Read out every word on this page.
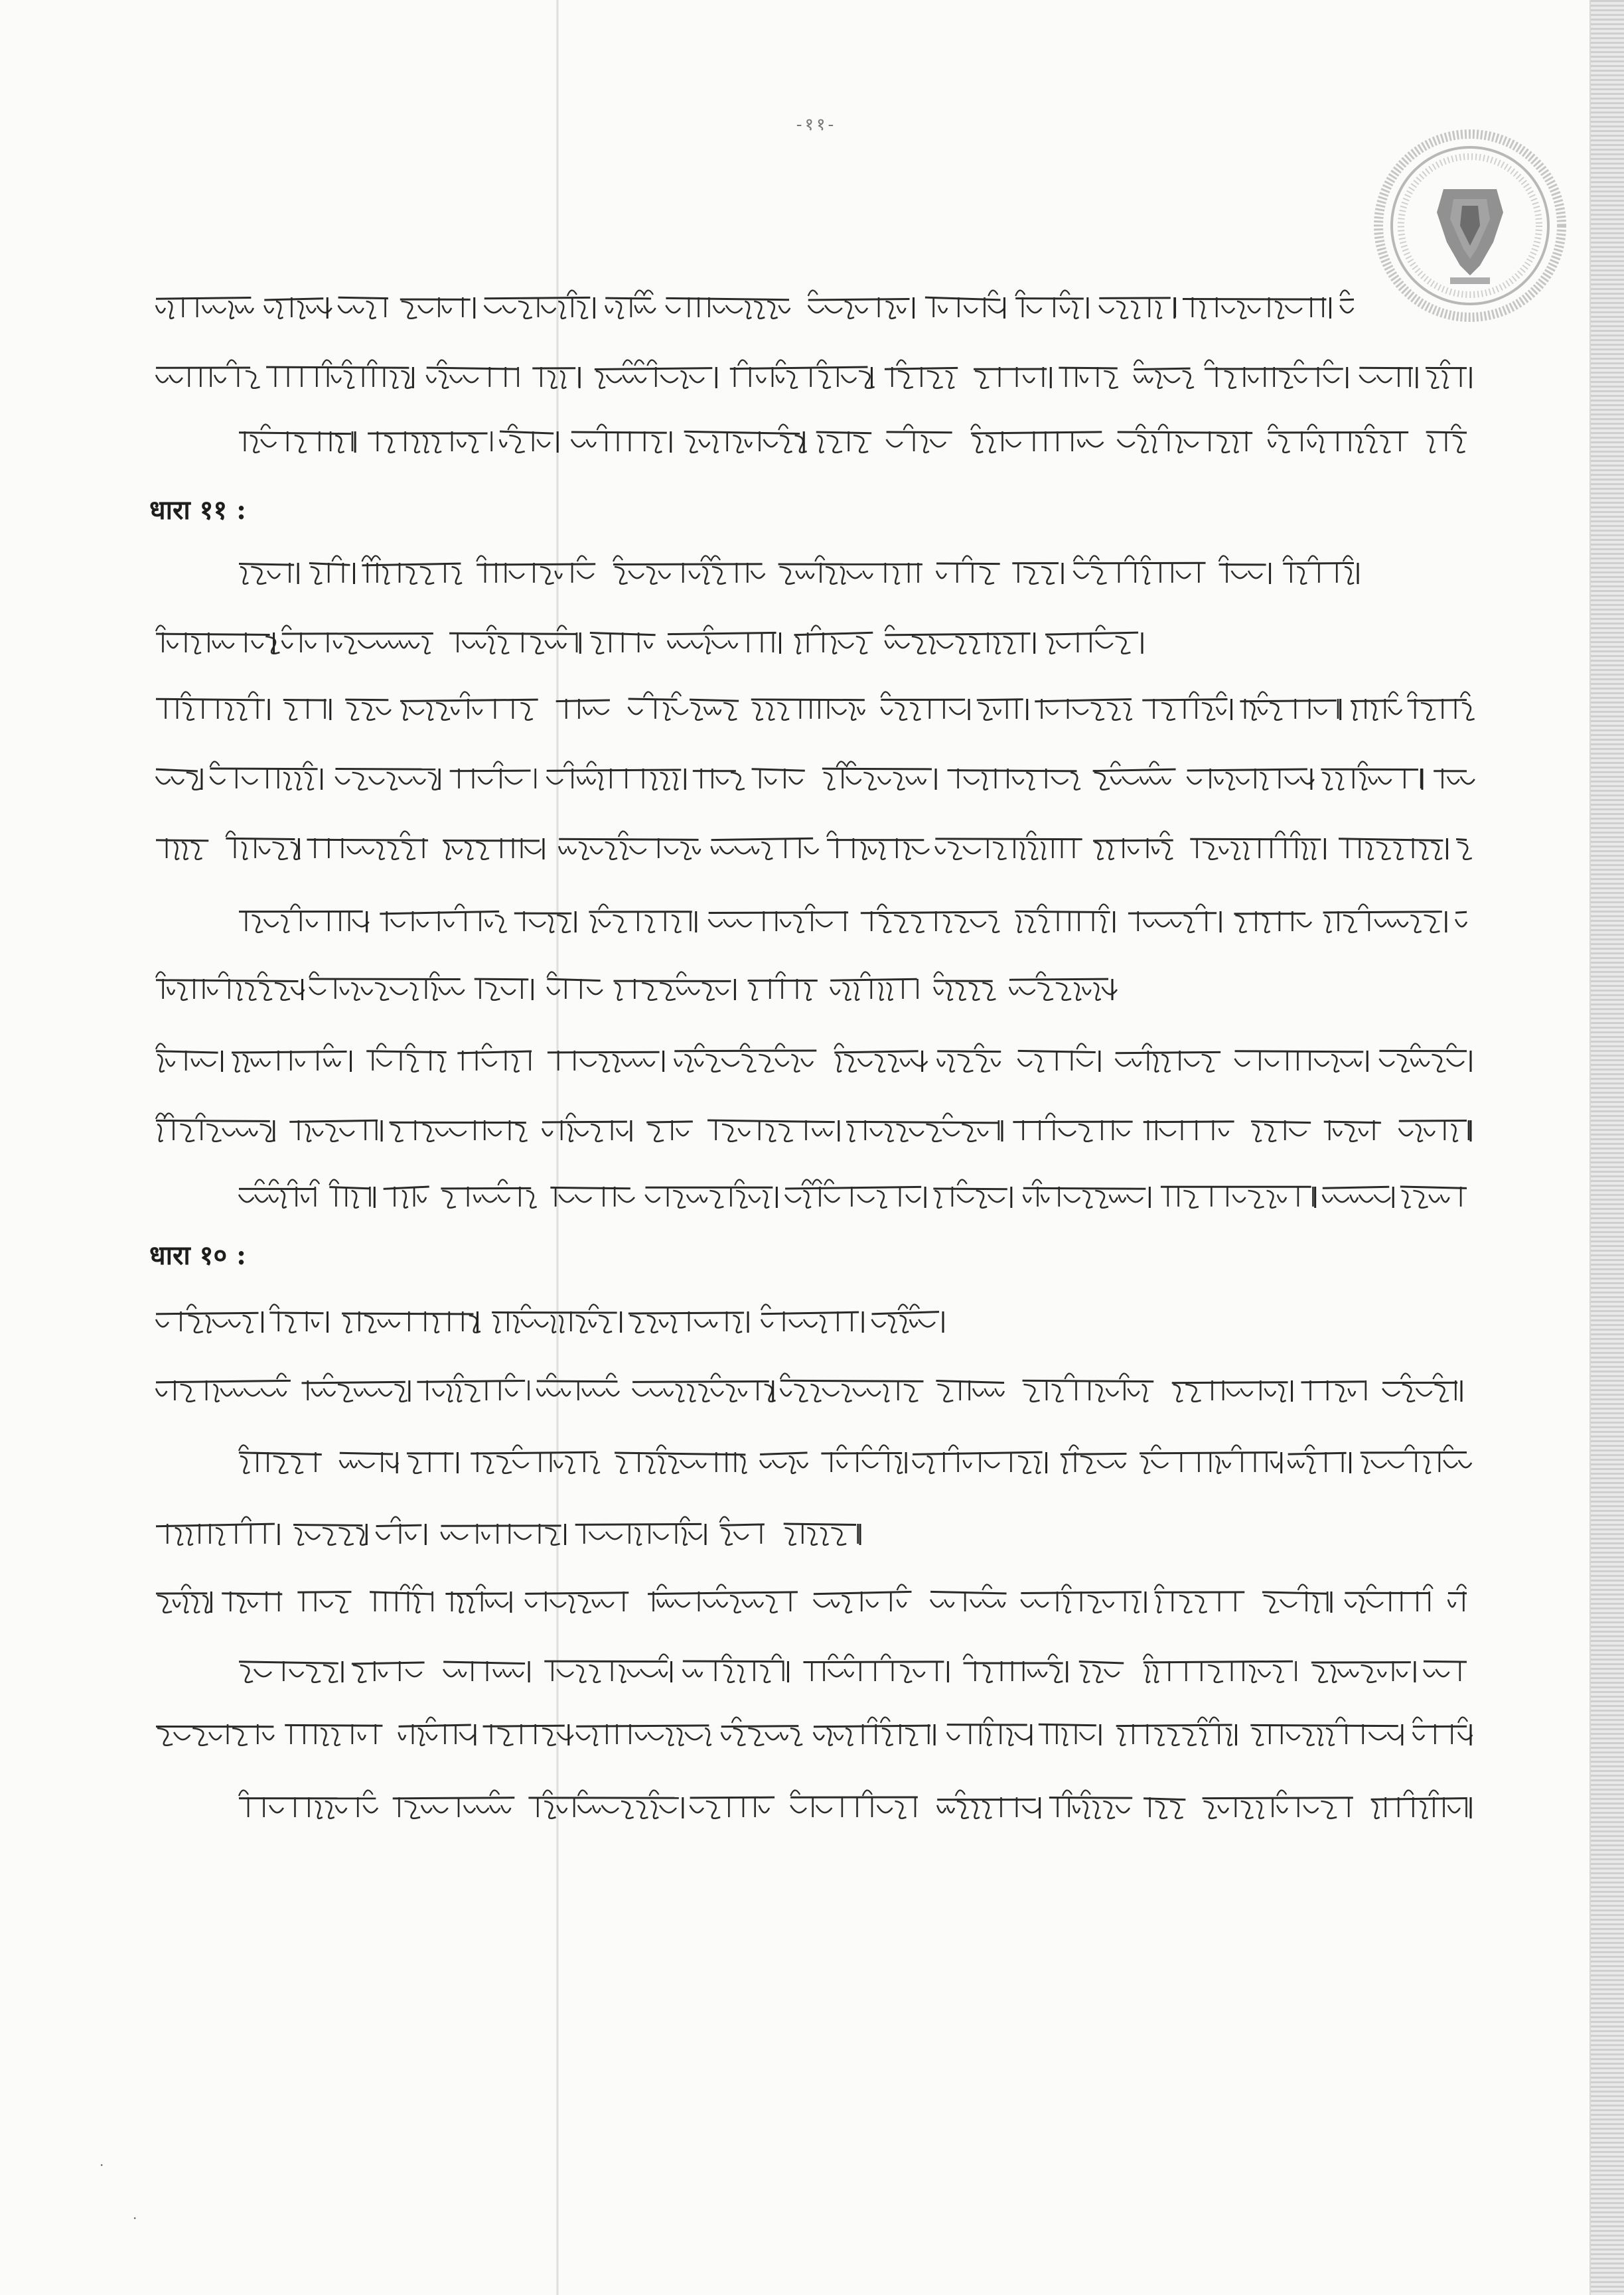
-११-
धारा ११ :
धारा १० :
·
·
